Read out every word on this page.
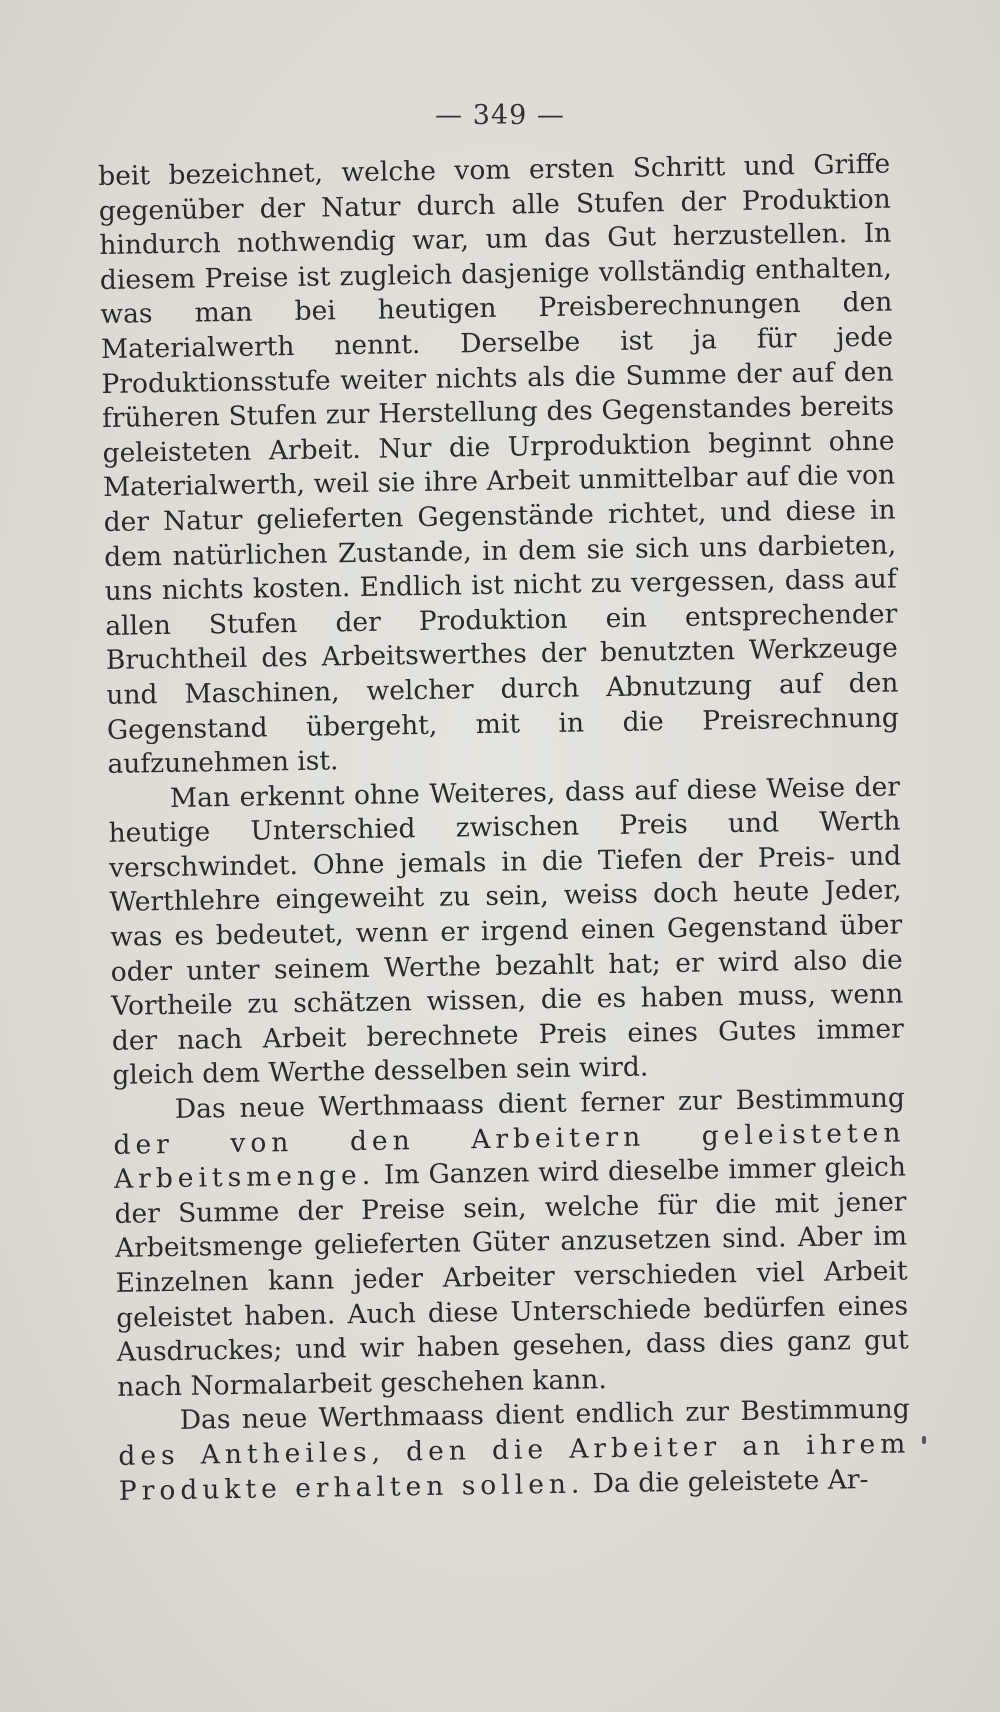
— 349 —

beit bezeichnet, welche vom ersten Schritt und Griffe gegenüber der Natur durch alle Stufen der Produktion hindurch nothwendig war, um das Gut herzustellen. In diesem Preise ist zugleich dasjenige vollständig enthalten, was man bei heutigen Preisberechnungen den Materialwerth nennt. Derselbe ist ja für jede Produktionsstufe weiter nichts als die Summe der auf den früheren Stufen zur Herstellung des Gegenstandes bereits geleisteten Arbeit. Nur die Urproduktion beginnt ohne Materialwerth, weil sie ihre Arbeit unmittelbar auf die von der Natur gelieferten Gegenstände richtet, und diese in dem natürlichen Zustande, in dem sie sich uns darbieten, uns nichts kosten. Endlich ist nicht zu vergessen, dass auf allen Stufen der Produktion ein entsprechender Bruchtheil des Arbeitswerthes der benutzten Werkzeuge und Maschinen, welcher durch Abnutzung auf den Gegenstand übergeht, mit in die Preisrechnung aufzunehmen ist.

Man erkennt ohne Weiteres, dass auf diese Weise der heutige Unterschied zwischen Preis und Werth verschwindet. Ohne jemals in die Tiefen der Preis- und Werthlehre eingeweiht zu sein, weiss doch heute Jeder, was es bedeutet, wenn er irgend einen Gegenstand über oder unter seinem Werthe bezahlt hat; er wird also die Vortheile zu schätzen wissen, die es haben muss, wenn der nach Arbeit berechnete Preis eines Gutes immer gleich dem Werthe desselben sein wird.

Das neue Werthmaass dient ferner zur Bestimmung der von den Arbeitern geleisteten Arbeitsmenge. Im Ganzen wird dieselbe immer gleich der Summe der Preise sein, welche für die mit jener Arbeitsmenge gelieferten Güter anzusetzen sind. Aber im Einzelnen kann jeder Arbeiter verschieden viel Arbeit geleistet haben. Auch diese Unterschiede bedürfen eines Ausdruckes; und wir haben gesehen, dass dies ganz gut nach Normalarbeit geschehen kann.

Das neue Werthmaass dient endlich zur Bestimmung des Antheiles, den die Arbeiter an ihrem Produkte erhalten sollen. Da die geleistete Ar-
